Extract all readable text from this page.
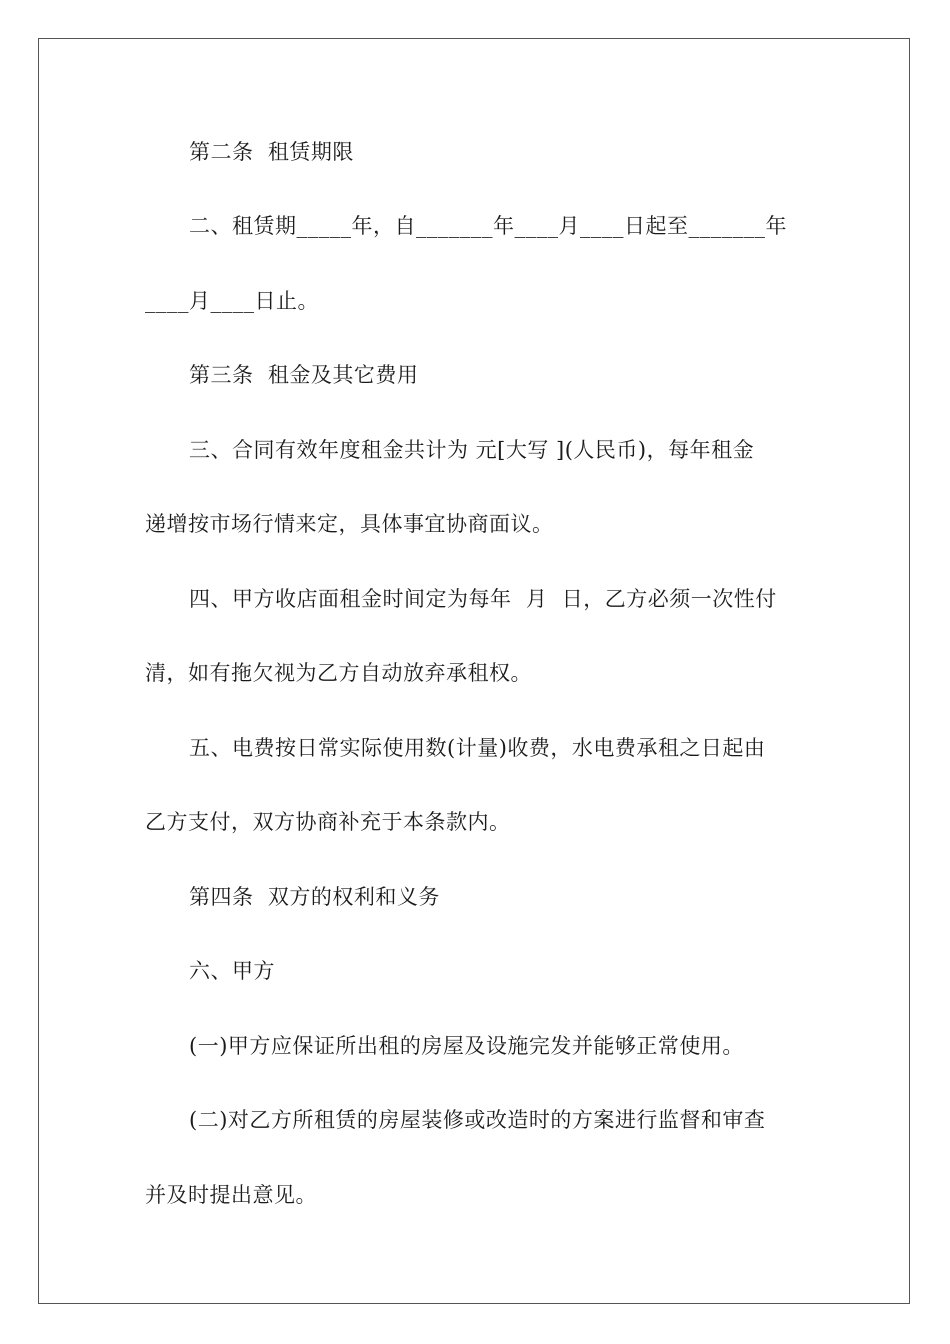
第二条  租赁期限
二、租赁期_____年，自_______年____月____日起至_______年
____月____日止。
第三条  租金及其它费用
三、合同有效年度租金共计为 元[大写 ](人民币)，每年租金
递增按市场行情来定，具体事宜协商面议。
四、甲方收店面租金时间定为每年  月  日，乙方必须一次性付
清，如有拖欠视为乙方自动放弃承租权。
五、电费按日常实际使用数(计量)收费，水电费承租之日起由
乙方支付，双方协商补充于本条款内。
第四条  双方的权利和义务
六、甲方
(一)甲方应保证所出租的房屋及设施完发并能够正常使用。
(二)对乙方所租赁的房屋装修或改造时的方案进行监督和审查
并及时提出意见。
